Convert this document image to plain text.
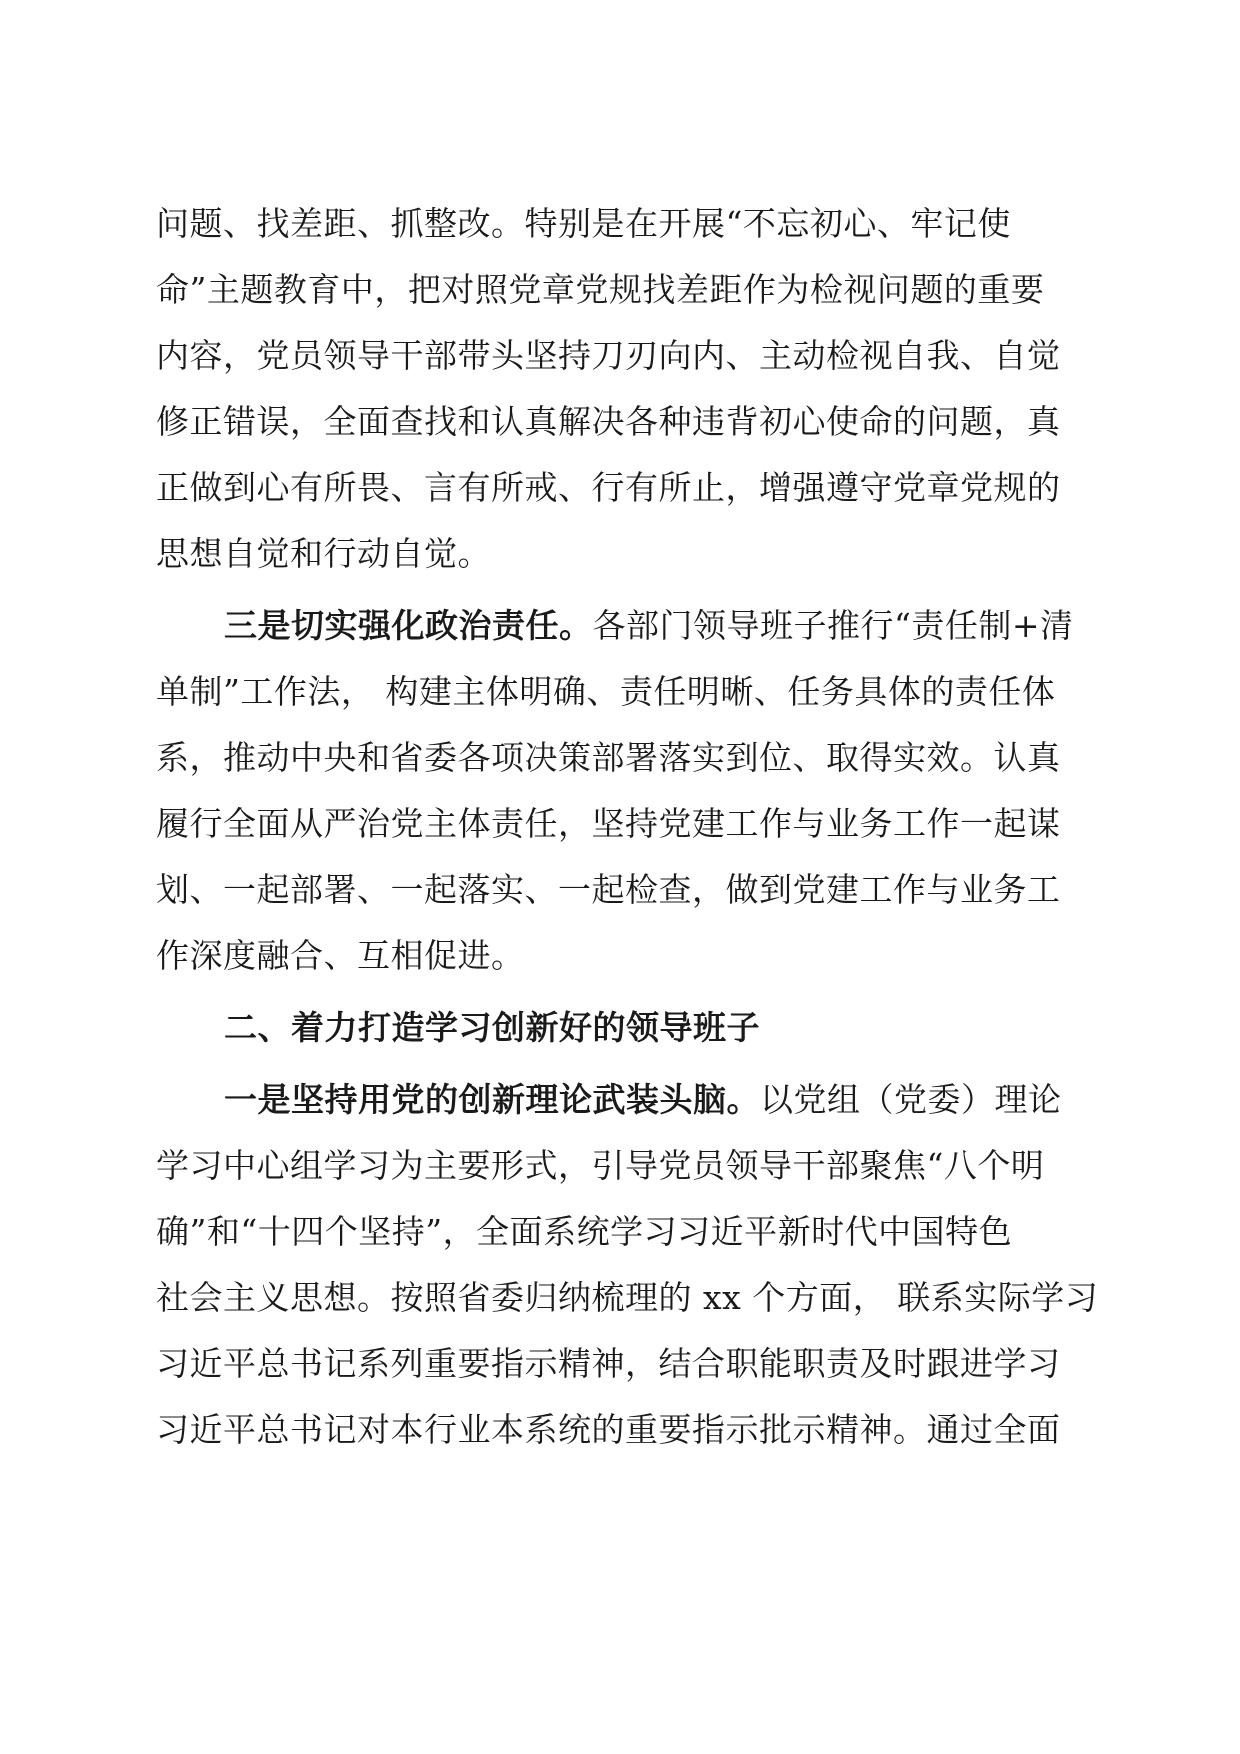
问题、找差距、抓整改。特别是在开展“不忘初心、牢记使
命”主题教育中，把对照党章党规找差距作为检视问题的重要
内容，党员领导干部带头坚持刀刃向内、主动检视自我、自觉
修正错误，全面查找和认真解决各种违背初心使命的问题，真
正做到心有所畏、言有所戒、行有所止，增强遵守党章党规的
思想自觉和行动自觉。
三是切实强化政治责任。各部门领导班子推行“责任制+清
单制”工作法， 构建主体明确、责任明晰、任务具体的责任体
系，推动中央和省委各项决策部署落实到位、取得实效。认真
履行全面从严治党主体责任，坚持党建工作与业务工作一起谋
划、一起部署、一起落实、一起检查，做到党建工作与业务工
作深度融合、互相促进。
二、着力打造学习创新好的领导班子
一是坚持用党的创新理论武装头脑。以党组（党委）理论
学习中心组学习为主要形式，引导党员领导干部聚焦“八个明
确”和“十四个坚持”，全面系统学习习近平新时代中国特色
社会主义思想。按照省委归纳梳理的 xx 个方面， 联系实际学习
习近平总书记系列重要指示精神，结合职能职责及时跟进学习
习近平总书记对本行业本系统的重要指示批示精神。通过全面
